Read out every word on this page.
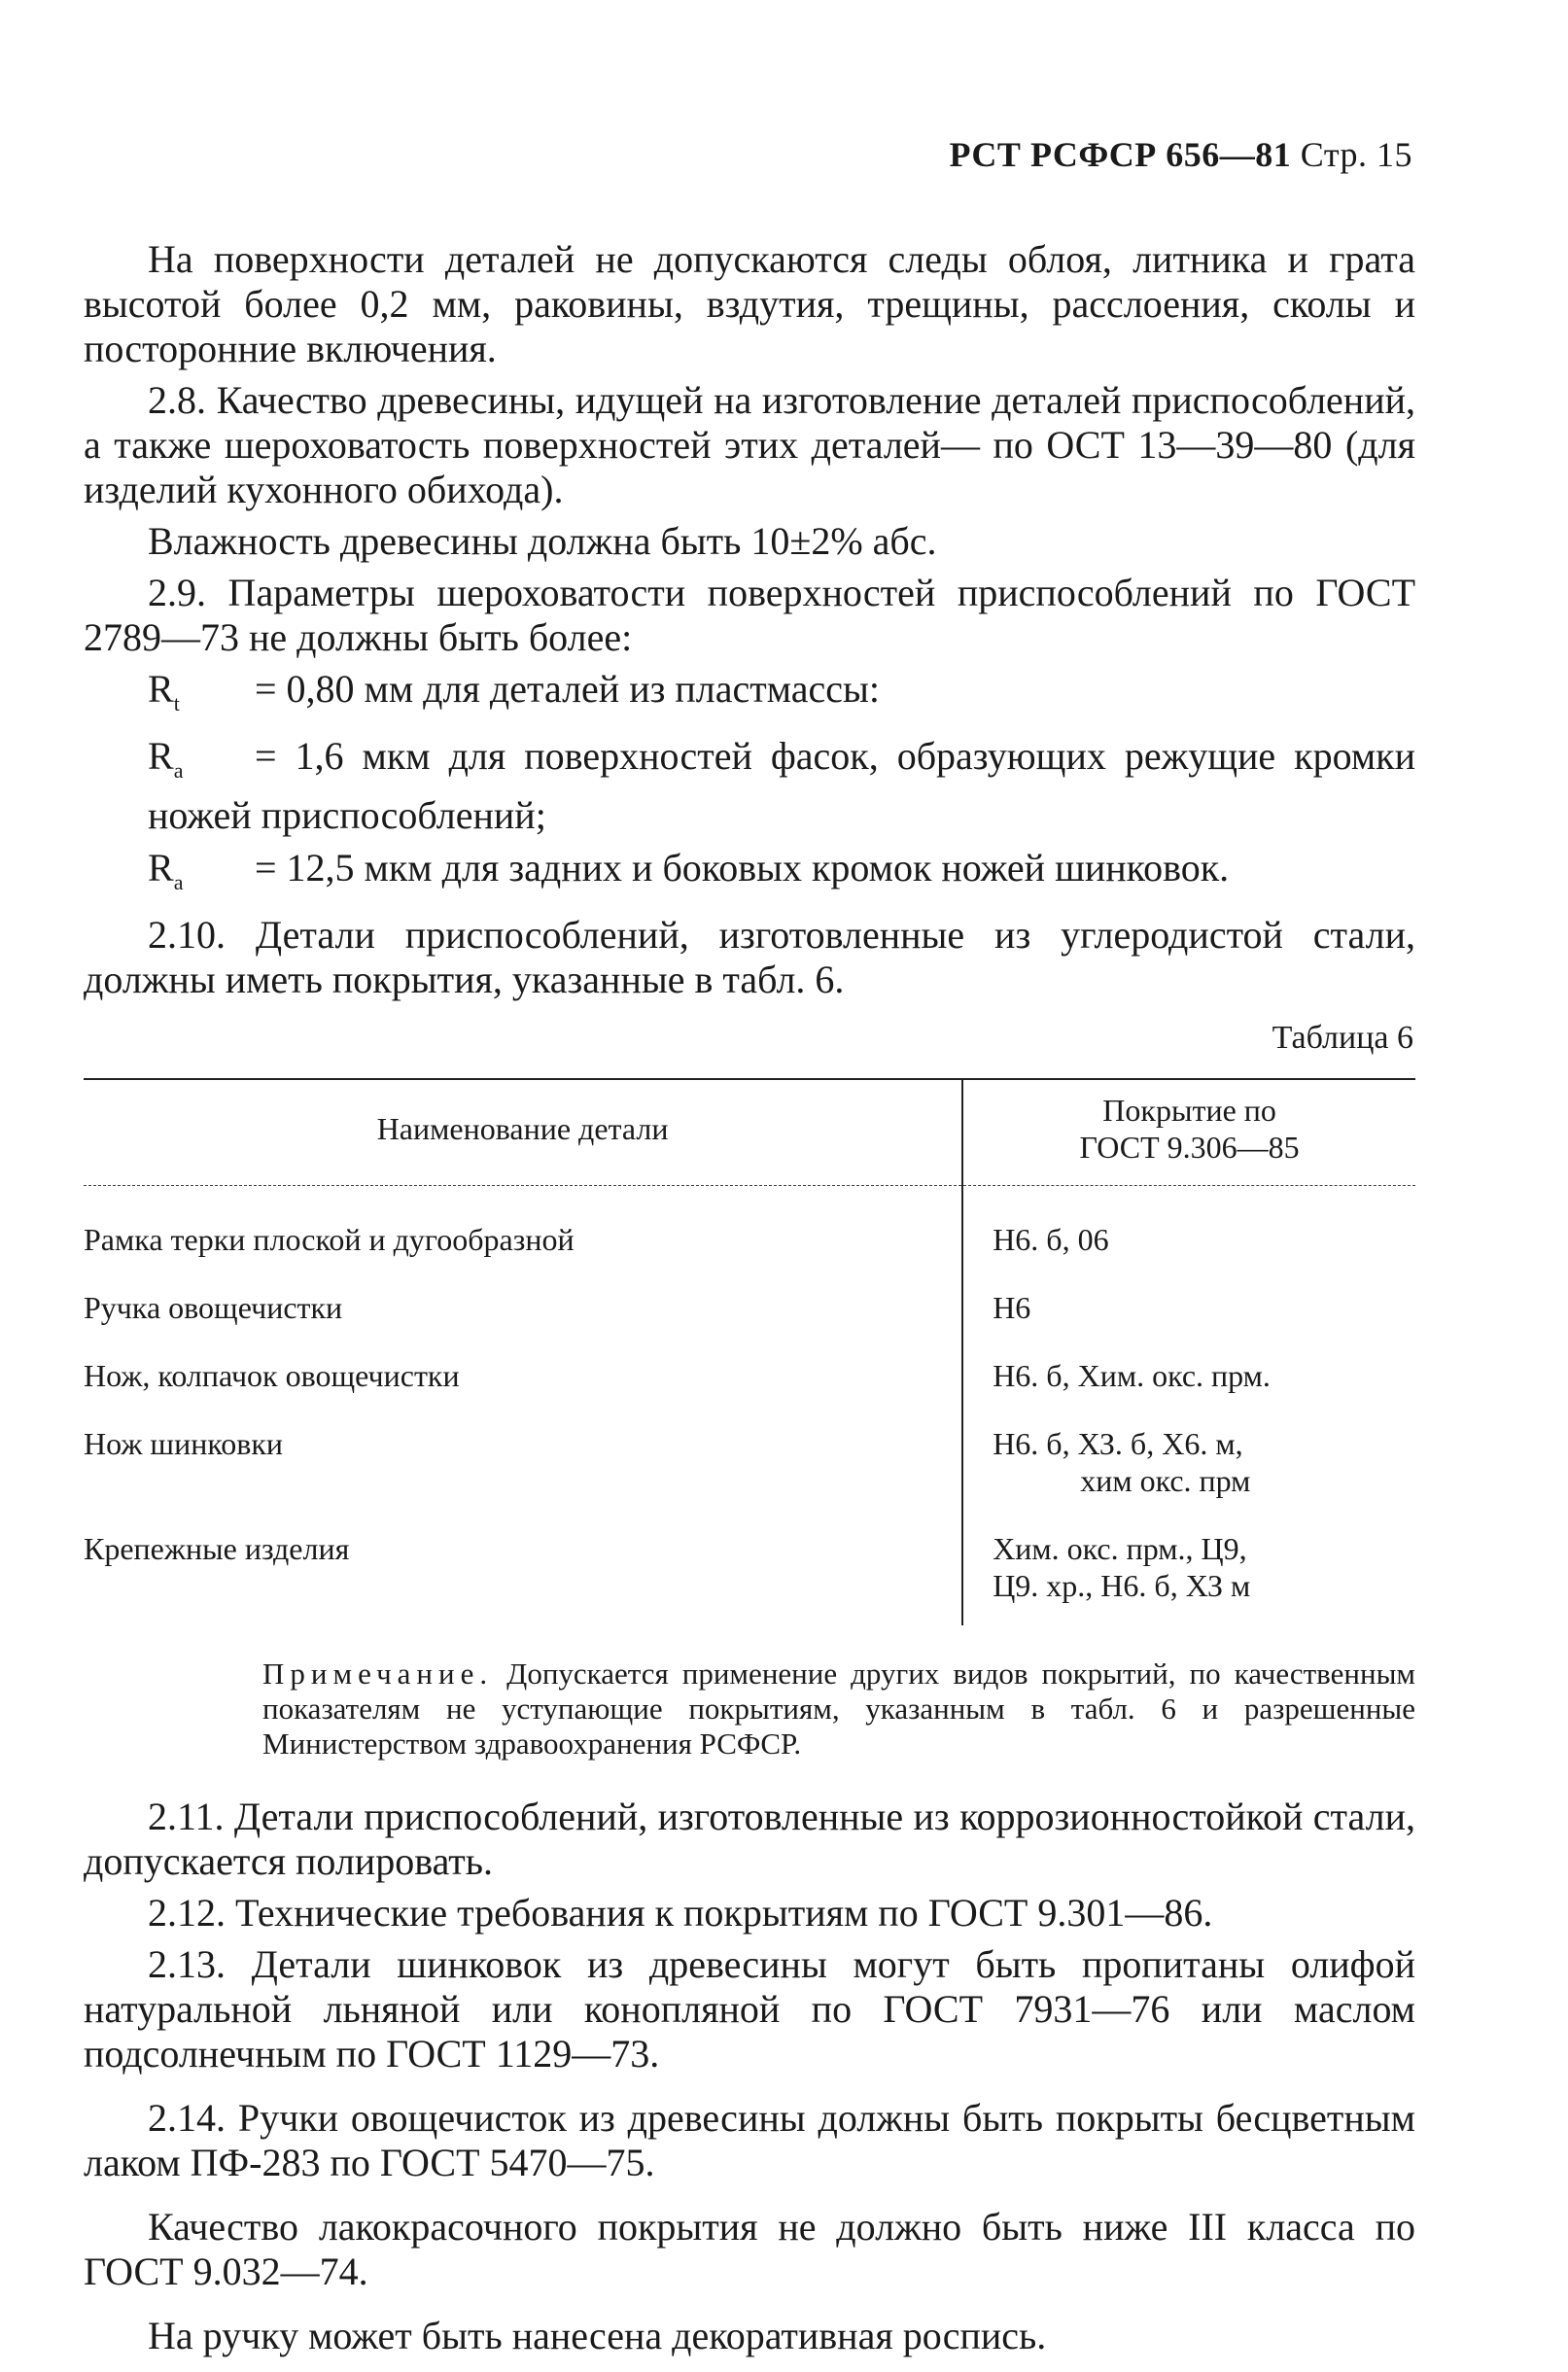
РСТ РСФСР 656—81 Стр. 15

На поверхности деталей не допускаются следы облоя, литника и грата высотой более 0,2 мм, раковины, вздутия, трещины, расслоения, сколы и посторонние включения.

2.8. Качество древесины, идущей на изготовление деталей приспособлений, а также шероховатость поверхностей этих деталей— по ОСТ 13—39—80 (для изделий кухонного обихода).

Влажность древесины должна быть 10±2% абс.

2.9. Параметры шероховатости поверхностей приспособлений по ГОСТ 2789—73 не должны быть более:

$R_t = 0,80$ мм для деталей из пластмассы:
$R_a = 1,6$ мкм для поверхностей фасок, образующих режущие кромки ножей приспособлений;
$R_a = 12,5$ мкм для задних и боковых кромок ножей шинковок.

2.10. Детали приспособлений, изготовленные из углеродистой стали, должны иметь покрытия, указанные в табл. 6.

Таблица 6
Наименование детали	Покрытие по
ГОСТ 9.306—85

Рамка терки плоской и дугообразной	Н6. б, 06

Ручка овощечистки	Н6

Нож, колпачок овощечистки	Н6. б, Хим. окс. прм.

Нож шинковки	Н6. б, ХЗ. б, Х6. м,
хим окс. прм

Крепежные изделия	Хим. окс. прм., Ц9,
Ц9. хр., Н6. б, ХЗ м
Примечание. Допускается применение других видов покрытий, по качественным показателям не уступающие покрытиям, указанным в табл. 6 и разрешенные Министерством здравоохранения РСФСР.

2.11. Детали приспособлений, изготовленные из коррозионностойкой стали, допускается полировать.

2.12. Технические требования к покрытиям по ГОСТ 9.301—86.

2.13. Детали шинковок из древесины могут быть пропитаны олифой натуральной льняной или конопляной по ГОСТ 7931—76 или маслом подсолнечным по ГОСТ 1129—73.

2.14. Ручки овощечисток из древесины должны быть покрыты бесцветным лаком ПФ-283 по ГОСТ 5470—75.

Качество лакокрасочного покрытия не должно быть ниже III класса по ГОСТ 9.032—74.

На ручку может быть нанесена декоративная роспись.
